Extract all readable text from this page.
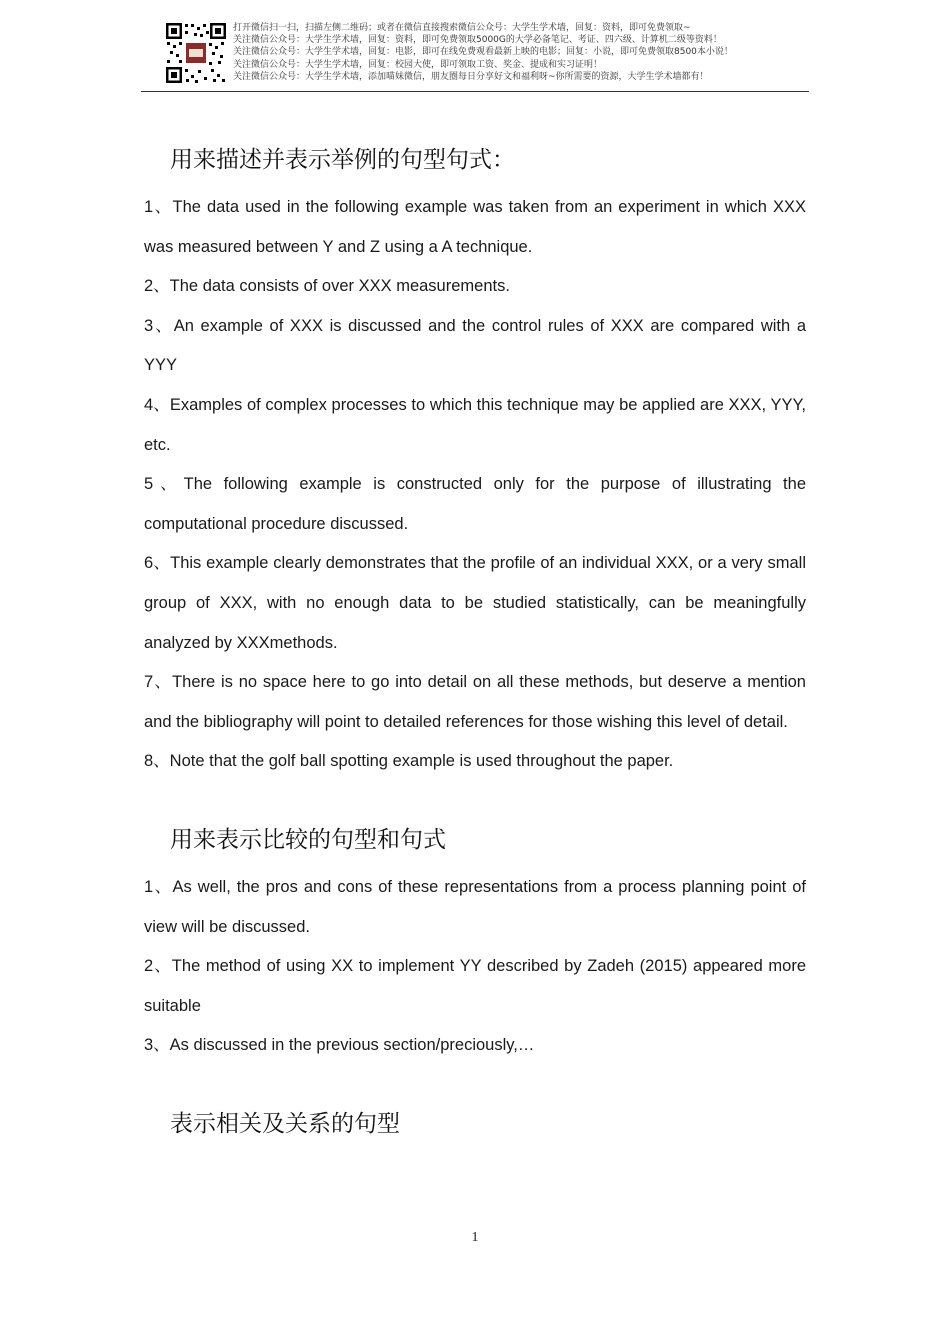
打开微信扫一扫，扫描左侧二维码；或者在微信直接搜索微信公众号：大学生学术墙，回复：资料，即可免费领取~
关注微信公众号：大学生学术墙，回复：资料，即可免费领取5000G的大学必备笔记、考证、四六级、计算机二级等资料！
关注微信公众号：大学生学术墙，回复：电影，即可在线免费观看最新上映的电影；回复：小说，即可免费领取8500本小说！
关注微信公众号：大学生学术墙，回复：校园大使，即可领取工资、奖金、提成和实习证明！
关注微信公众号：大学生学术墙，添加喵妹微信，朋友圈每日分享好文和福利呀~你所需要的资源，大学生学术墙都有！
用来描述并表示举例的句型句式：

1、The data used in the following example was taken from an experiment in which XXX was measured between Y and Z using a A technique.

2、The data consists of over XXX measurements.

3、An example of XXX is discussed and the control rules of XXX are compared with a YYY

4、Examples of complex processes to which this technique may be applied are XXX, YYY, etc.

5、The following example is constructed only for the purpose of illustrating the computational procedure discussed.

6、This example clearly demonstrates that the profile of an individual XXX, or a very small group of XXX, with no enough data to be studied statistically, can be meaningfully analyzed by XXXmethods.

7、There is no space here to go into detail on all these methods, but deserve a mention and the bibliography will point to detailed references for those wishing this level of detail.

8、Note that the golf ball spotting example is used throughout the paper.

用来表示比较的句型和句式

1、As well, the pros and cons of these representations from a process planning point of view will be discussed.

2、The method of using XX to implement YY described by Zadeh (2015) appeared more suitable

3、As discussed in the previous section/preciously,…

表示相关及关系的句型
1
